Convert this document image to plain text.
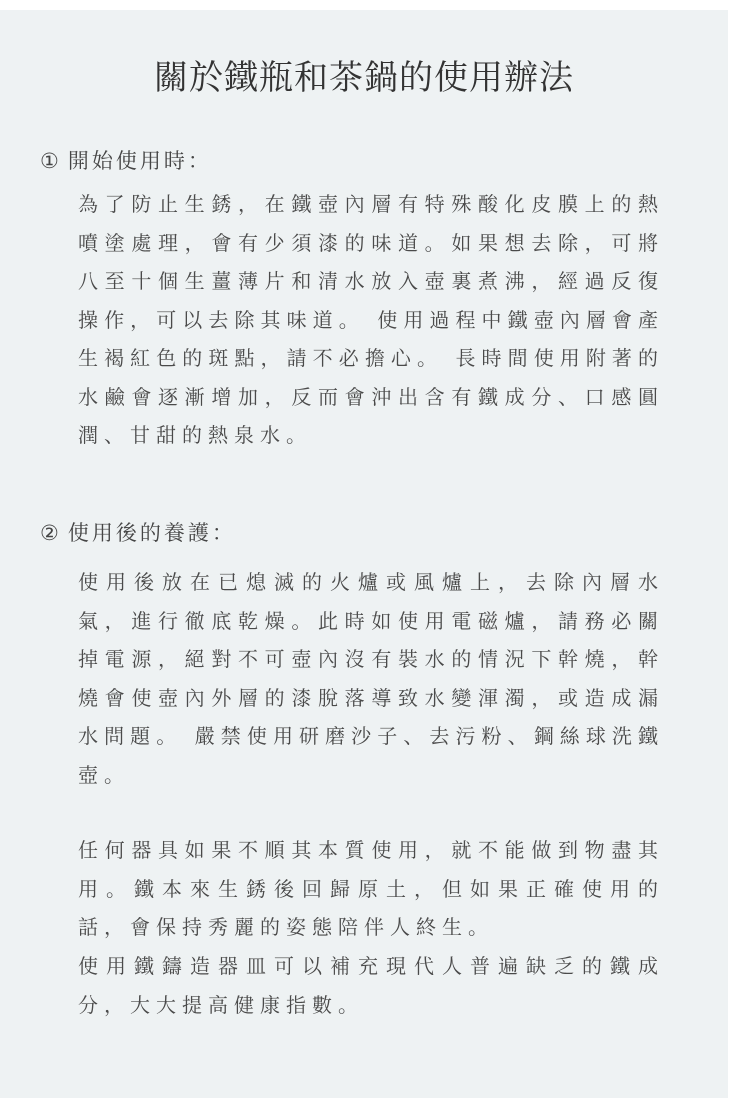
關於鐵瓶和茶鍋的使用辦法
① 開始使用時：

為了防止生銹，在鐵壺內層有特殊酸化皮膜上的熱噴塗處理，會有少須漆的味道。如果想去除，可將八至十個生薑薄片和清水放入壺裏煮沸，經過反復操作，可以去除其味道。 使用過程中鐵壺內層會產生褐紅色的斑點，請不必擔心。 長時間使用附著的水鹼會逐漸增加，反而會沖出含有鐵成分、口感圓潤、甘甜的熱泉水。

② 使用後的養護：

使用後放在已熄滅的火爐或風爐上，去除內層水氣，進行徹底乾燥。此時如使用電磁爐，請務必關掉電源，絕對不可壺內沒有裝水的情況下幹燒，幹燒會使壺內外層的漆脫落導致水變渾濁，或造成漏水問題。 嚴禁使用研磨沙子、去污粉、鋼絲球洗鐵壺。

任何器具如果不順其本質使用，就不能做到物盡其用。鐵本來生銹後回歸原土，但如果正確使用的話，會保持秀麗的姿態陪伴人終生。

使用鐵鑄造器皿可以補充現代人普遍缺乏的鐵成分，大大提高健康指數。
